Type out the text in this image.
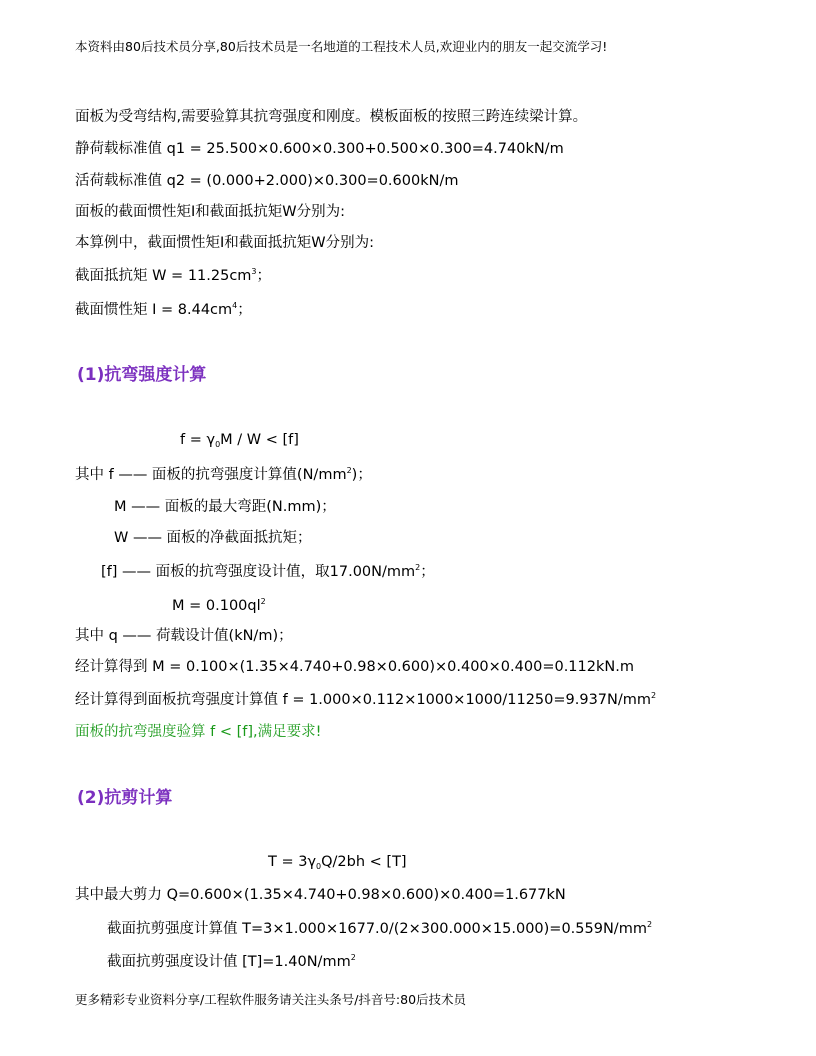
本资料由80后技术员分享,80后技术员是一名地道的工程技术人员,欢迎业内的朋友一起交流学习!
面板为受弯结构,需要验算其抗弯强度和刚度。模板面板的按照三跨连续梁计算。
静荷载标准值 q1 = 25.500×0.600×0.300+0.500×0.300=4.740kN/m
活荷载标准值 q2 = (0.000+2.000)×0.300=0.600kN/m
面板的截面惯性矩I和截面抵抗矩W分别为:
本算例中，截面惯性矩I和截面抵抗矩W分别为:
截面抵抗矩 $W = 11.25cm^3$；
截面惯性矩 $I = 8.44cm^4$；
(1)抗弯强度计算
$f = \gamma_0M / W < [f]$
其中 f —— 面板的抗弯强度计算值$(N/mm^2)$；
M —— 面板的最大弯距(N.mm)；
W —— 面板的净截面抵抗矩；
[f] —— 面板的抗弯强度设计值，取$17.00N/mm^2$；
$M = 0.100ql^2$
其中 q —— 荷载设计值(kN/m)；
经计算得到 M = 0.100×(1.35×4.740+0.98×0.600)×0.400×0.400=0.112kN.m
经计算得到面板抗弯强度计算值 $f = 1.000\times 0.112\times 1000\times 1000/11250=9.937N/mm^2$
面板的抗弯强度验算 f < [f],满足要求!
(2)抗剪计算
$T = 3\gamma_0Q/2bh < [T]$
其中最大剪力 Q=0.600×(1.35×4.740+0.98×0.600)×0.400=1.677kN
截面抗剪强度计算值 $T=3\times 1.000\times 1677.0/(2\times 300.000\times 15.000)=0.559N/mm^2$
截面抗剪强度设计值 $[T]=1.40N/mm^2$
更多精彩专业资料分享/工程软件服务请关注头条号/抖音号:80后技术员
